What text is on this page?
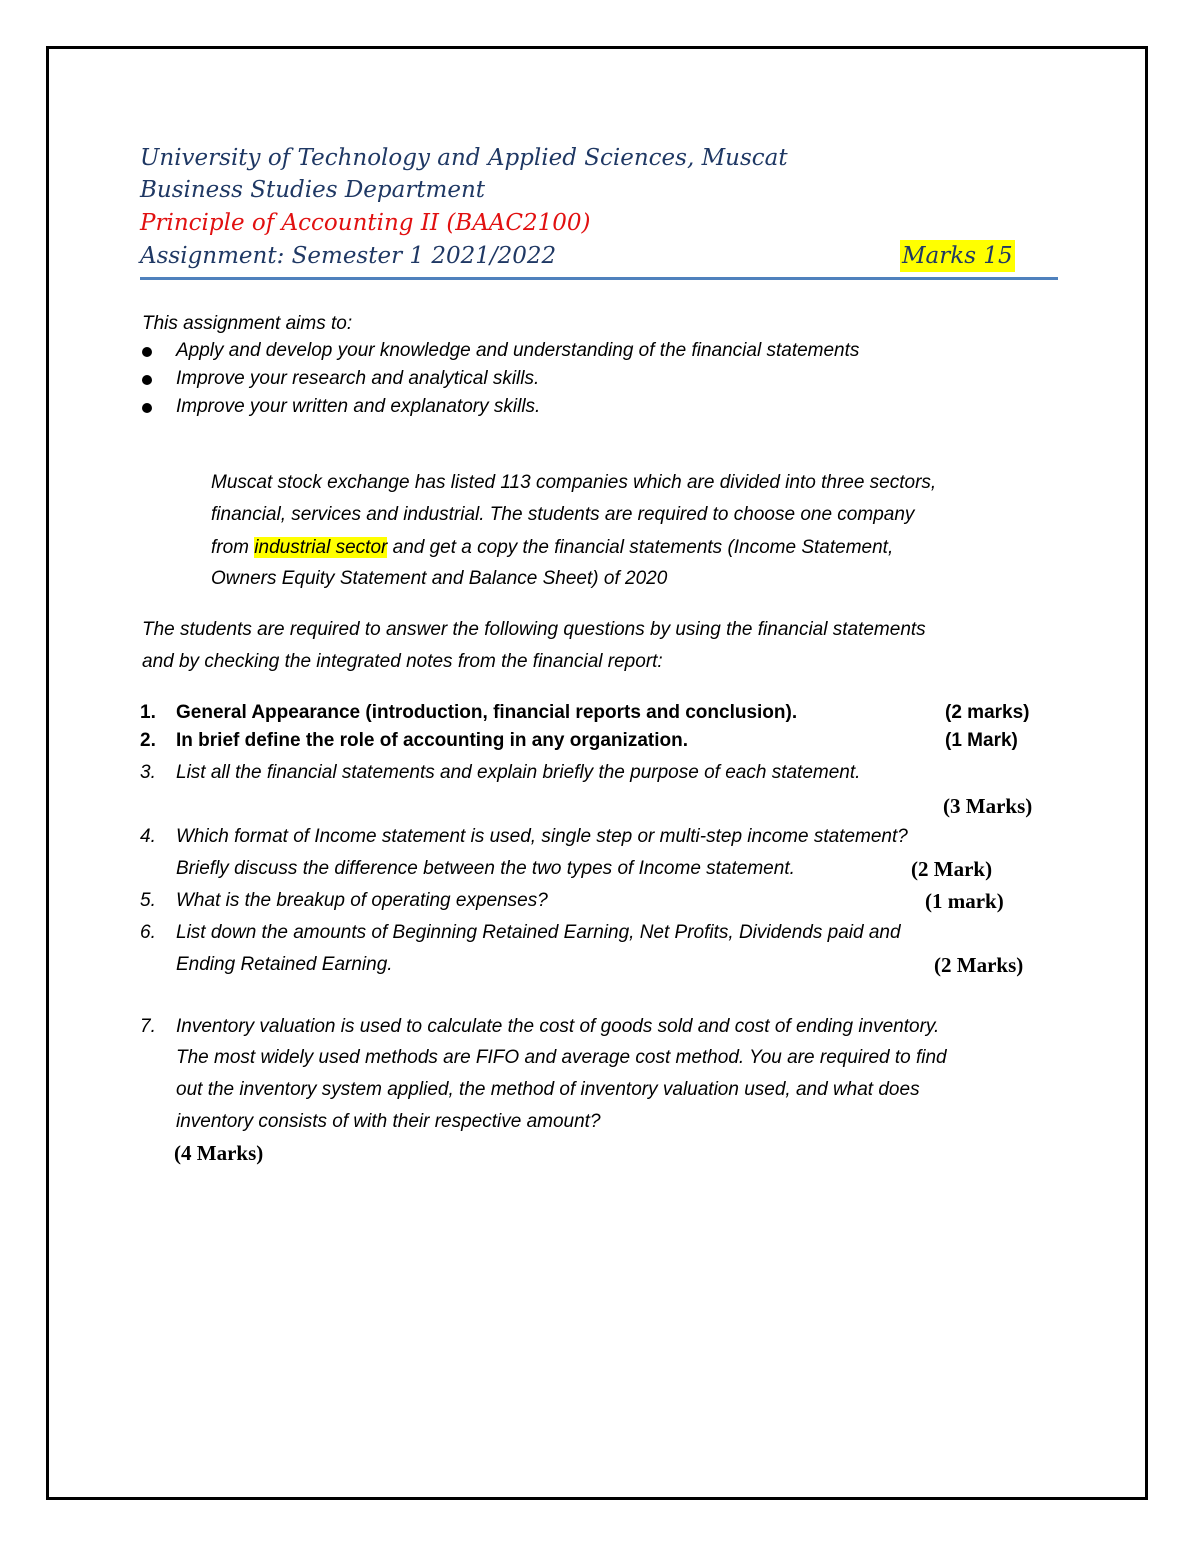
University of Technology and Applied Sciences, Muscat
Business Studies Department
Principle of Accounting II (BAAC2100)
Assignment: Semester 1 2021/2022	Marks 15
This assignment aims to:
Apply and develop your knowledge and understanding of the financial statements
Improve your research and analytical skills.
Improve your written and explanatory skills.
Muscat stock exchange has listed 113 companies which are divided into three sectors,
financial, services and industrial. The students are required to choose one company
from industrial sector and get a copy the financial statements (Income Statement,
Owners Equity Statement and Balance Sheet) of 2020
The students are required to answer the following questions by using the financial statements
and by checking the integrated notes from the financial report:
1. General Appearance (introduction, financial reports and conclusion).	(2 marks)
2. In brief define the role of accounting in any organization.	(1 Mark)
3. List all the financial statements and explain briefly the purpose of each statement.
(3 Marks)
4. Which format of Income statement is used, single step or multi-step income statement?
Briefly discuss the difference between the two types of Income statement.	(2 Mark)
5. What is the breakup of operating expenses?	(1 mark)
6. List down the amounts of Beginning Retained Earning, Net Profits, Dividends paid and
Ending Retained Earning.	(2 Marks)
7. Inventory valuation is used to calculate the cost of goods sold and cost of ending inventory.
The most widely used methods are FIFO and average cost method. You are required to find
out the inventory system applied, the method of inventory valuation used, and what does
inventory consists of with their respective amount?
(4 Marks)
